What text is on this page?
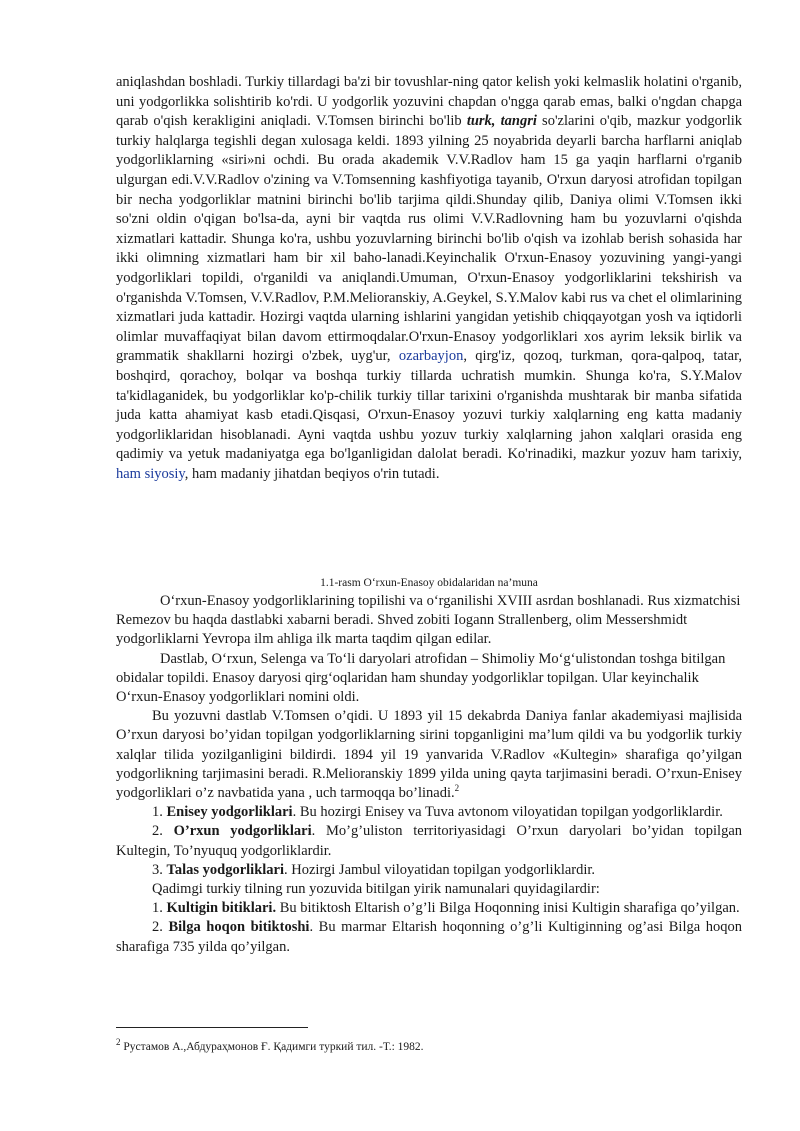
aniqlashdan boshladi. Turkiy tillardagi ba'zi bir tovushlar-ning qator kelish yoki kelmaslik holatini o'rganib, uni yodgorlikka solishtirib ko'rdi. U yodgorlik yozuvini chapdan o'ngga qarab emas, balki o'ngdan chapga qarab o'qish kerakligini aniqladi. V.Tomsen birinchi bo'lib turk, tangri so'zlarini o'qib, mazkur yodgorlik turkiy halqlarga tegishli degan xulosaga keldi. 1893 yilning 25 noyabrida deyarli barcha harflarni aniqlab yodgorliklarning «siri»ni ochdi. Bu orada akademik V.V.Radlov ham 15 ga yaqin harflarni o'rganib ulgurgan edi.V.V.Radlov o'zining va V.Tomsenning kashfiyotiga tayanib, O'rxun daryosi atrofidan topilgan bir necha yodgorliklar matnini birinchi bo'lib tarjima qildi.Shunday qilib, Daniya olimi V.Tomsen ikki so'zni oldin o'qigan bo'lsa-da, ayni bir vaqtda rus olimi V.V.Radlovning ham bu yozuvlarni o'qishda xizmatlari kattadir. Shunga ko'ra, ushbu yozuvlarning birinchi bo'lib o'qish va izohlab berish sohasida har ikki olimning xizmatlari ham bir xil baho-lanadi.Keyinchalik O'rxun-Enasoy yozuvining yangi-yangi yodgorliklari topildi, o'rganildi va aniqlandi.Umuman, O'rxun-Enasoy yodgorliklarini tekshirish va o'rganishda V.Tomsen, V.V.Radlov, P.M.Melioranskiy, A.Geykel, S.Y.Malov kabi rus va chet el olimlarining xizmatlari juda kattadir. Hozirgi vaqtda ularning ishlarini yangidan yetishib chiqqayotgan yosh va iqtidorli olimlar muvaffaqiyat bilan davom ettirmoqdalar.O'rxun-Enasoy yodgorliklari xos ayrim leksik birlik va grammatik shakllarni hozirgi o'zbek, uyg'ur, ozarbayjon, qirg'iz, qozoq, turkman, qora-qalpoq, tatar, boshqird, qorachoy, bolqar va boshqa turkiy tillarda uchratish mumkin. Shunga ko'ra, S.Y.Malov ta'kidlaganidek, bu yodgorliklar ko'p-chilik turkiy tillar tarixini o'rganishda mushtarak bir manba sifatida juda katta ahamiyat kasb etadi.Qisqasi, O'rxun-Enasoy yozuvi turkiy xalqlarning eng katta madaniy yodgorliklaridan hisoblanadi. Ayni vaqtda ushbu yozuv turkiy xalqlarning jahon xalqlari orasida eng qadimiy va yetuk madaniyatga ega bo'lganligidan dalolat beradi. Ko'rinadiki, mazkur yozuv ham tarixiy, ham siyosiy, ham madaniy jihatdan beqiyos o'rin tutadi.

1.1-rasm O‘rxun-Enasoy obidalaridan na’muna

O‘rxun-Enasoy yodgorliklarining topilishi va o‘rganilishi XVIII asrdan boshlanadi. Rus xizmatchisi Remezov bu haqda dastlabki xabarni beradi. Shved zobiti Iogann Strallenberg, olim Messershmidt yodgorliklarni Yevropa ilm ahliga ilk marta taqdim qilgan edilar.

Dastlab, O‘rxun, Selenga va To‘li daryolari atrofidan – Shimoliy Mo‘g‘ulistondan toshga bitilgan obidalar topildi. Enasoy daryosi qirg‘oqlaridan ham shunday yodgorliklar topilgan. Ular keyinchalik O‘rxun-Enasoy yodgorliklari nomini oldi.

Bu yozuvni dastlab V.Tomsen o’qidi. U 1893 yil 15 dekabrda Daniya fanlar akademiyasi majlisida O’rxun daryosi bo’yidan topilgan yodgorliklarning sirini topganligini ma’lum qildi va bu yodgorlik turkiy xalqlar tilida yozilganligini bildirdi. 1894 yil 19 yanvarida V.Radlov «Kultegin» sharafiga qo’yilgan yodgorlikning tarjimasini beradi. R.Melioranskiy 1899 yilda uning qayta tarjimasini beradi. O’rxun-Enisey yodgorliklari o’z navbatida yana , uch tarmoqqa bo’linadi.$^2$

1. Enisey yodgorliklari. Bu hozirgi Enisey va Tuva avtonom viloyatidan topilgan yodgorliklardir.

2. O’rxun yodgorliklari. Mo’g’uliston territoriyasidagi O’rxun daryolari bo’yidan topilgan Kultegin, To’nyuquq yodgorliklardir.

3. Talas yodgorliklari. Hozirgi Jambul viloyatidan topilgan yodgorliklardir.

Qadimgi turkiy tilning run yozuvida bitilgan yirik namunalari quyidagilardir:

1. Kultigin bitiklari. Bu bitiktosh Eltarish o’g’li Bilga Hoqonning inisi Kultigin sharafiga qo’yilgan.

2. Bilga hoqon bitiktoshi. Bu marmar Eltarish hoqonning o’g’li Kultiginning og’asi Bilga hoqon sharafiga 735 yilda qo’yilgan.

$^2$ Рустамов А.,Абдураҳмонов Ғ. Қадимги туркий тил. -Т.: 1982.
